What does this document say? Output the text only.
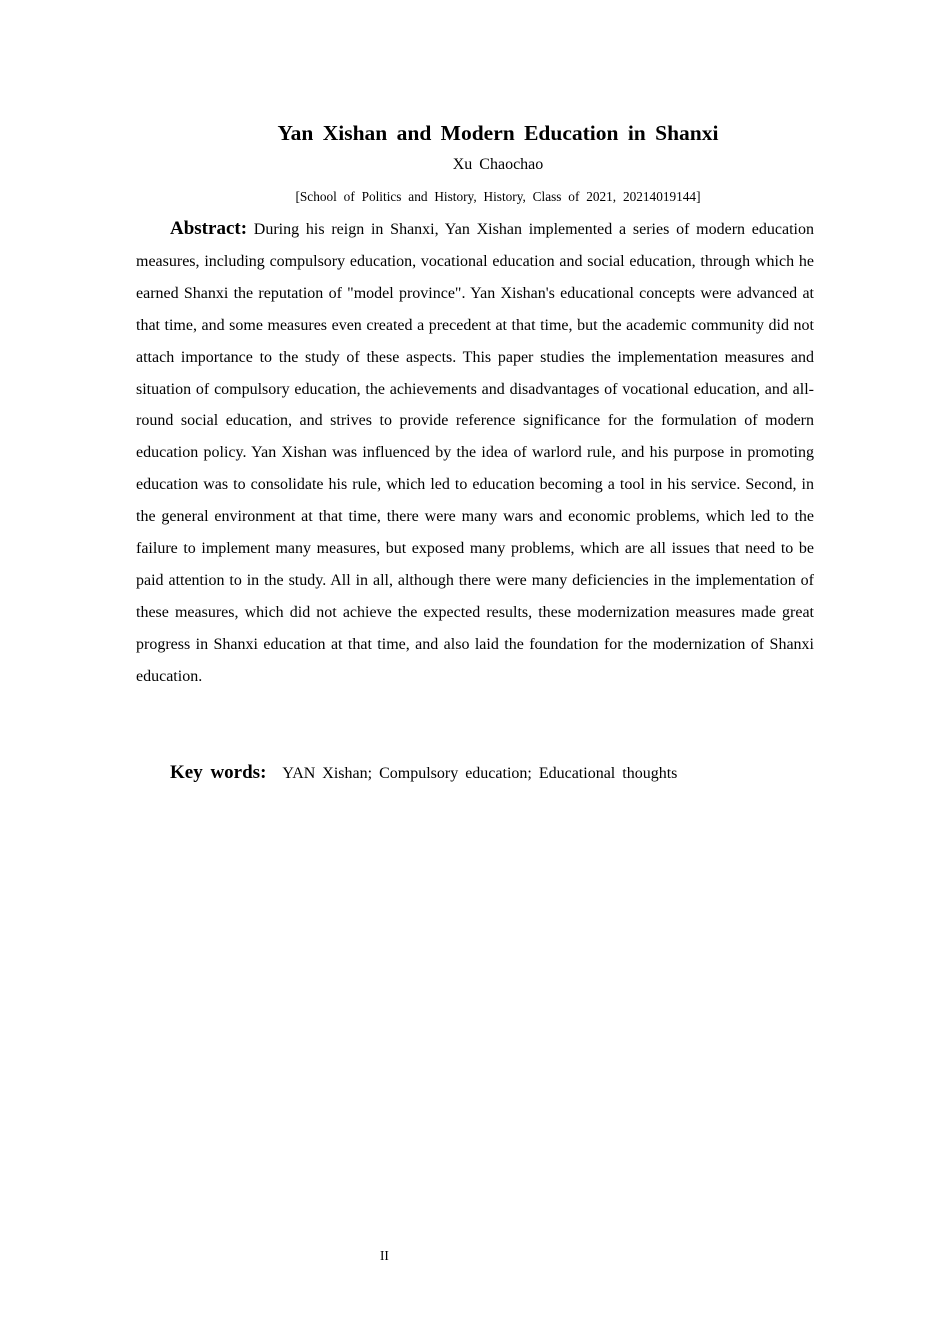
Yan Xishan and Modern Education in Shanxi
Xu Chaochao
[School of Politics and History, History, Class of 2021, 20214019144]

Abstract: During his reign in Shanxi, Yan Xishan implemented a series of modern education measures, including compulsory education, vocational education and social education, through which he earned Shanxi the reputation of "model province". Yan Xishan's educational concepts were advanced at that time, and some measures even created a precedent at that time, but the academic community did not attach importance to the study of these aspects. This paper studies the implementation measures and situation of compulsory education, the achievements and disadvantages of vocational education, and all-round social education, and strives to provide reference significance for the formulation of modern education policy. Yan Xishan was influenced by the idea of warlord rule, and his purpose in promoting education was to consolidate his rule, which led to education becoming a tool in his service. Second, in the general environment at that time, there were many wars and economic problems, which led to the failure to implement many measures, but exposed many problems, which are all issues that need to be paid attention to in the study. All in all, although there were many deficiencies in the implementation of these measures, which did not achieve the expected results, these modernization measures made great progress in Shanxi education at that time, and also laid the foundation for the modernization of Shanxi education.

Key words: YAN Xishan; Compulsory education; Educational thoughts
II
